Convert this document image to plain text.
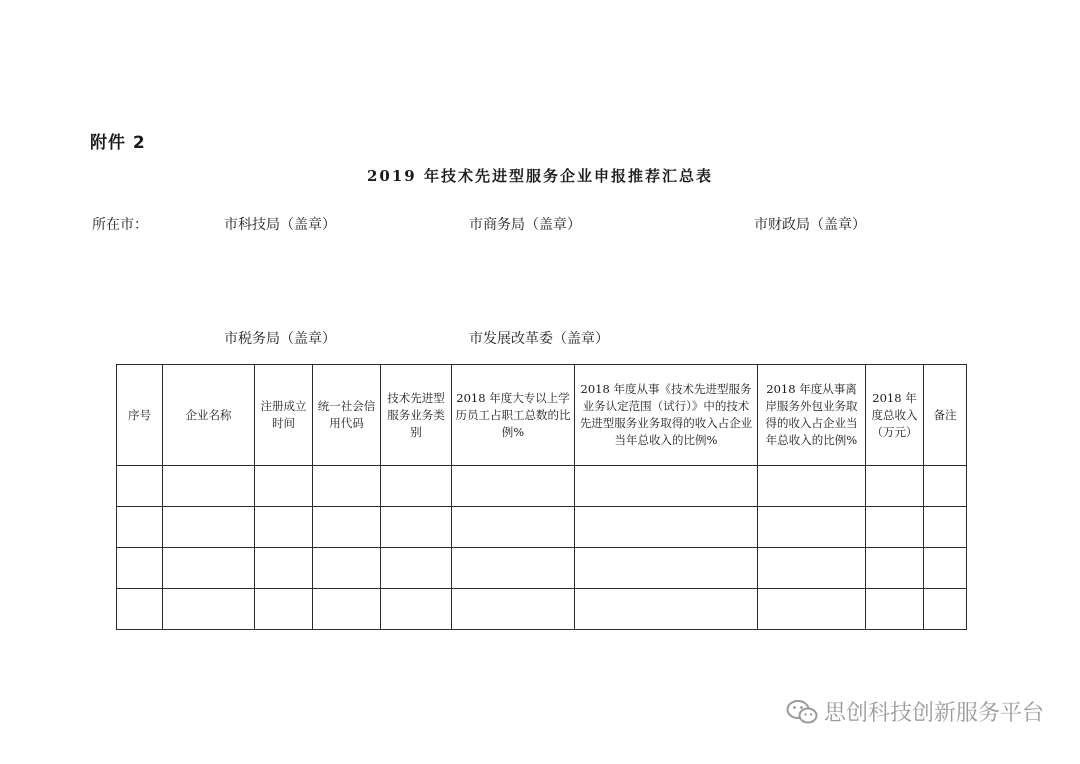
附件 2
2019 年技术先进型服务企业申报推荐汇总表
所在市：	市科技局（盖章）	市商务局（盖章）	市财政局（盖章）
市税务局（盖章）	市发展改革委（盖章）
序号	企业名称	注册成立时间	统一社会信用代码	技术先进型服务业务类别	2018 年度大专以上学历员工占职工总数的比例%	2018 年度从事《技术先进型服务业务认定范围（试行）》中的技术先进型服务业务取得的收入占企业当年总收入的比例%	2018 年度从事离岸服务外包业务取得的收入占企业当年总收入的比例%	2018 年度总收入（万元）	备注

思创科技创新服务平台
